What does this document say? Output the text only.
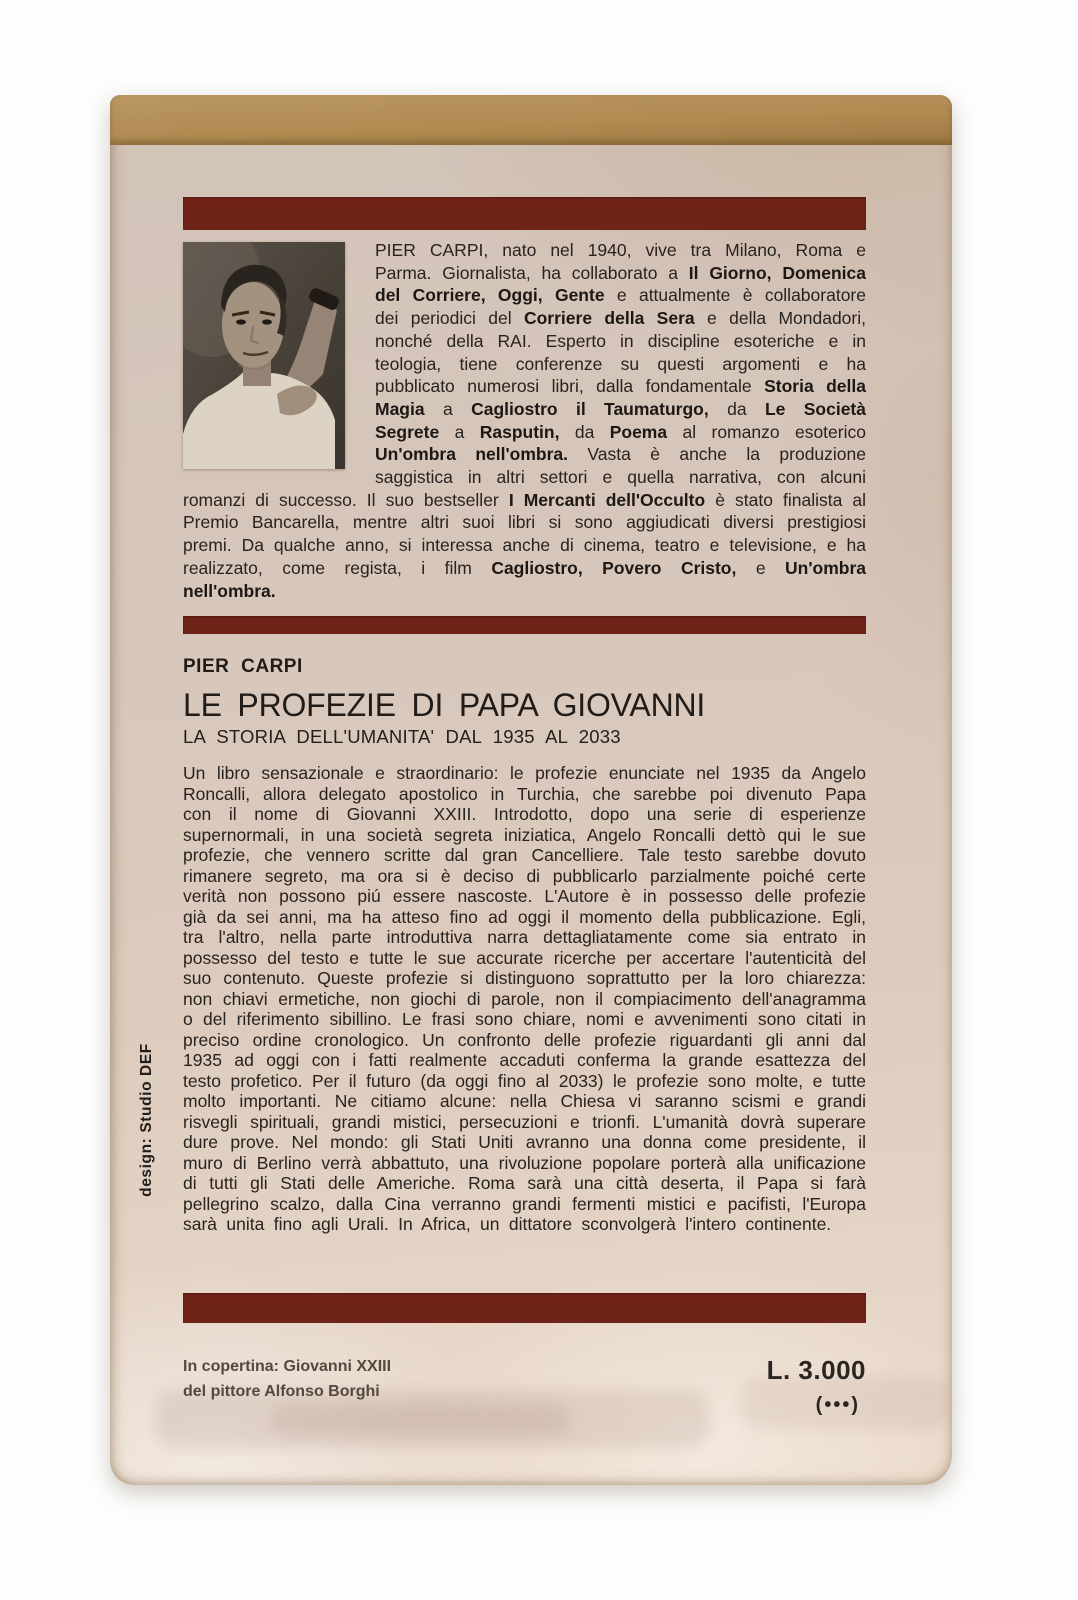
design: Studio DEF

PIER CARPI, nato nel 1940, vive tra Milano, Roma e Parma. Giornalista, ha collaborato a Il Giorno, Domenica del Corriere, Oggi, Gente e attualmente è collaboratore dei periodici del Corriere della Sera e della Mondadori, nonché della RAI. Esperto in discipline esoteriche e in teologia, tiene conferenze su questi argomenti e ha pubblicato numerosi libri, dalla fondamentale Storia della Magia a Cagliostro il Taumaturgo, da Le Società Segrete a Rasputin, da Poema al romanzo esoterico Un'ombra nell'ombra. Vasta è anche la produzione saggistica in altri settori e quella narrativa, con alcuni romanzi di successo. Il suo bestseller I Mercanti dell'Occulto è stato finalista al Premio Bancarella, mentre altri suoi libri si sono aggiudicati diversi prestigiosi premi. Da qualche anno, si interessa anche di cinema, teatro e televisione, e ha realizzato, come regista, i film Cagliostro, Povero Cristo, e Un'ombra nell'ombra.

PIER CARPI
LE PROFEZIE DI PAPA GIOVANNI
LA STORIA DELL'UMANITA' DAL 1935 AL 2033

Un libro sensazionale e straordinario: le profezie enunciate nel 1935 da Angelo Roncalli, allora delegato apostolico in Turchia, che sarebbe poi divenuto Papa con il nome di Giovanni XXIII. Introdotto, dopo una serie di esperienze supernormali, in una società segreta iniziatica, Angelo Roncalli dettò qui le sue profezie, che vennero scritte dal gran Cancelliere. Tale testo sarebbe dovuto rimanere segreto, ma ora si è deciso di pubblicarlo parzialmente poiché certe verità non possono piú essere nascoste. L'Autore è in possesso delle profezie già da sei anni, ma ha atteso fino ad oggi il momento della pubblicazione. Egli, tra l'altro, nella parte introduttiva narra dettagliatamente come sia entrato in possesso del testo e tutte le sue accurate ricerche per accertare l'autenticità del suo contenuto. Queste profezie si distinguono soprattutto per la loro chiarezza: non chiavi ermetiche, non giochi di parole, non il compiacimento dell'anagramma o del riferimento sibillino. Le frasi sono chiare, nomi e avvenimenti sono citati in preciso ordine cronologico. Un confronto delle profezie riguardanti gli anni dal 1935 ad oggi con i fatti realmente accaduti conferma la grande esattezza del testo profetico. Per il futuro (da oggi fino al 2033) le profezie sono molte, e tutte molto importanti. Ne citiamo alcune: nella Chiesa vi saranno scismi e grandi risvegli spirituali, grandi mistici, persecuzioni e trionfi. L'umanità dovrà superare dure prove. Nel mondo: gli Stati Uniti avranno una donna come presidente, il muro di Berlino verrà abbattuto, una rivoluzione popolare porterà alla unificazione di tutti gli Stati delle Americhe. Roma sarà una città deserta, il Papa si farà pellegrino scalzo, dalla Cina verranno grandi fermenti mistici e pacifisti, l'Europa sarà unita fino agli Urali. In Africa, un dittatore sconvolgerà l'intero continente.

In copertina: Giovanni XXIII
del pittore Alfonso Borghi
L. 3.000
(•••)
